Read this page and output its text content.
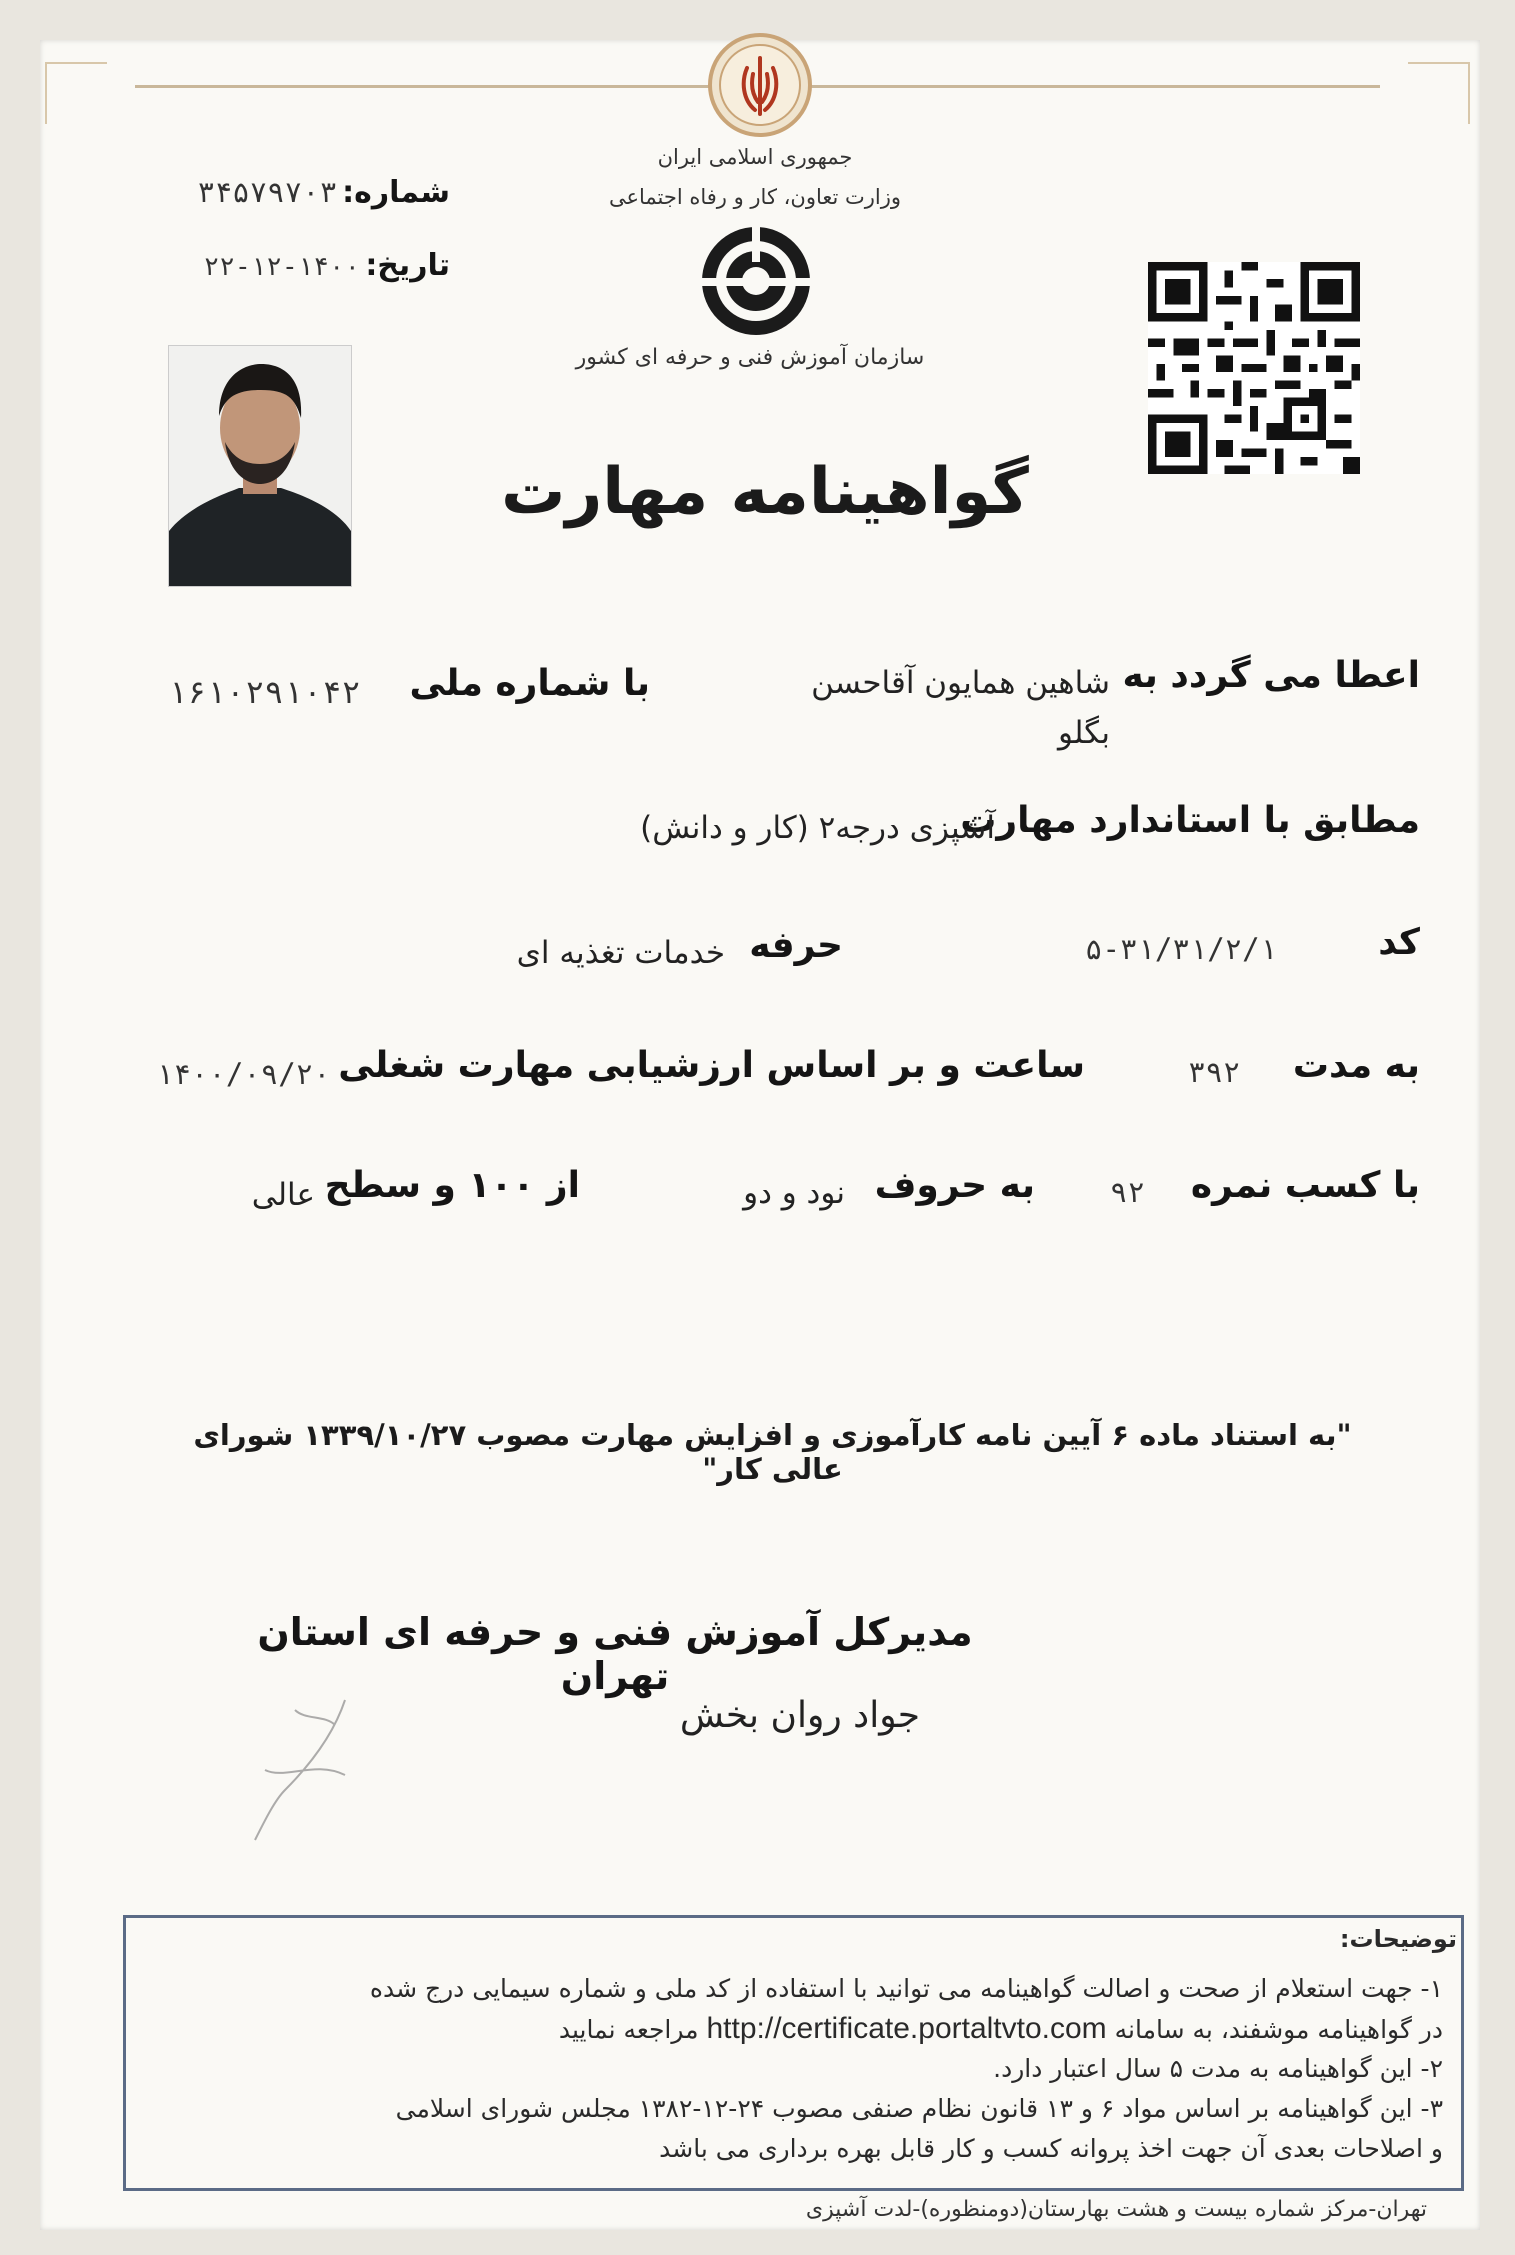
جمهوری اسلامی ایران
وزارت تعاون، کار و رفاه اجتماعی
سازمان آموزش فنی و حرفه ای کشور
شماره: ۳۴۵۷۹۷۰۳
تاریخ: ۱۴۰۰-۱۲-۲۲
گواهینامه مهارت
اعطا می گردد به
شاهین همایون آقاحسن
بگلو
با شماره ملی
۱۶۱۰۲۹۱۰۴۲
مطابق با استاندارد مهارت
آشپزی درجه۲ (کار و دانش)
کد
۵-۳۱/۳۱/۲/۱
حرفه
خدمات تغذیه ای
به مدت
۳۹۲
ساعت و بر اساس ارزشیابی مهارت شغلی
۱۴۰۰/۰۹/۲۰
با کسب نمره
۹۲
به حروف
نود و دو
از ۱۰۰ و سطح
عالی
"به استناد ماده ۶ آیین نامه کارآموزی و افزایش مهارت مصوب ۱۳۳۹/۱۰/۲۷ شورای عالی کار"
مدیرکل آموزش فنی و حرفه ای استان تهران
جواد روان بخش
توضیحات:
۱- جهت استعلام از صحت و اصالت گواهینامه می توانید با استفاده از کد ملی و شماره سیمایی درج شده
در گواهینامه موشفند، به سامانه http://certificate.portaltvto.com مراجعه نمایید
۲- این گواهینامه به مدت ۵ سال اعتبار دارد.
۳- این گواهینامه بر اساس مواد ۶ و ۱۳ قانون نظام صنفی مصوب ۲۴-۱۲-۱۳۸۲ مجلس شورای اسلامی
و اصلاحات بعدی آن جهت اخذ پروانه کسب و کار قابل بهره برداری می باشد
تهران-مرکز شماره بیست و هشت بهارستان(دومنظوره)-لدت آشپزی
